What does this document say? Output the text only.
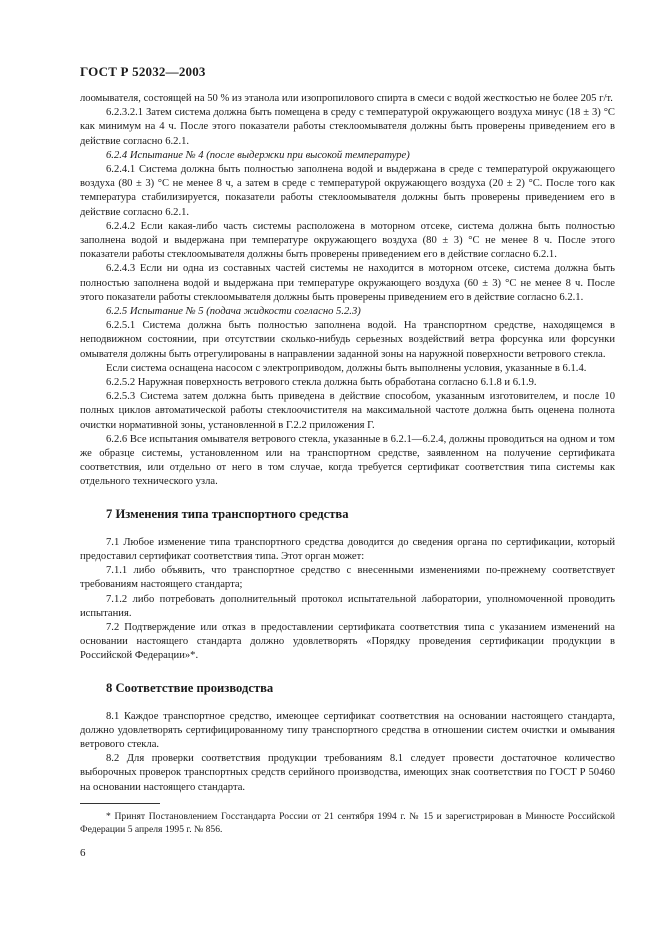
ГОСТ Р 52032—2003

лоомывателя, состоящей на 50 % из этанола или изопропилового спирта в смеси с водой жесткостью не более 205 г/т.

6.2.3.2.1 Затем система должна быть помещена в среду с температурой окружающего воздуха минус (18 ± 3) °С как минимум на 4 ч. После этого показатели работы стеклоомывателя должны быть проверены приведением его в действие согласно 6.2.1.

6.2.4 Испытание № 4 (после выдержки при высокой температуре)

6.2.4.1 Система должна быть полностью заполнена водой и выдержана в среде с температурой окружающего воздуха (80 ± 3) °С не менее 8 ч, а затем в среде с температурой окружающего воздуха (20 ± 2) °С. После того как температура стабилизируется, показатели работы стеклоомывателя должны быть проверены приведением его в действие согласно 6.2.1.

6.2.4.2 Если какая-либо часть системы расположена в моторном отсеке, система должна быть полностью заполнена водой и выдержана при температуре окружающего воздуха (80 ± 3) °С не менее 8 ч. После этого показатели работы стеклоомывателя должны быть проверены приведением его в действие согласно 6.2.1.

6.2.4.3 Если ни одна из составных частей системы не находится в моторном отсеке, система должна быть полностью заполнена водой и выдержана при температуре окружающего воздуха (60 ± 3) °С не менее 8 ч. После этого показатели работы стеклоомывателя должны быть проверены приведением его в действие согласно 6.2.1.

6.2.5 Испытание № 5 (подача жидкости согласно 5.2.3)

6.2.5.1 Система должна быть полностью заполнена водой. На транспортном средстве, находящемся в неподвижном состоянии, при отсутствии сколько-нибудь серьезных воздействий ветра форсунка или форсунки омывателя должны быть отрегулированы в направлении заданной зоны на наружной поверхности ветрового стекла.

Если система оснащена насосом с электроприводом, должны быть выполнены условия, указанные в 6.1.4.

6.2.5.2 Наружная поверхность ветрового стекла должна быть обработана согласно 6.1.8 и 6.1.9.

6.2.5.3 Система затем должна быть приведена в действие способом, указанным изготовителем, и после 10 полных циклов автоматической работы стеклоочистителя на максимальной частоте должна быть оценена полнота очистки нормативной зоны, установленной в Г.2.2 приложения Г.

6.2.6 Все испытания омывателя ветрового стекла, указанные в 6.2.1—6.2.4, должны проводиться на одном и том же образце системы, установленном или на транспортном средстве, заявленном на получение сертификата соответствия, или отдельно от него в том случае, когда требуется сертификат соответствия типа системы как отдельного технического узла.

7 Изменения типа транспортного средства

7.1 Любое изменение типа транспортного средства доводится до сведения органа по сертификации, который предоставил сертификат соответствия типа. Этот орган может:

7.1.1 либо объявить, что транспортное средство с внесенными изменениями по-прежнему соответствует требованиям настоящего стандарта;

7.1.2 либо потребовать дополнительный протокол испытательной лаборатории, уполномоченной проводить испытания.

7.2 Подтверждение или отказ в предоставлении сертификата соответствия типа с указанием изменений на основании настоящего стандарта должно удовлетворять «Порядку проведения сертификации продукции в Российской Федерации»*.

8 Соответствие производства

8.1 Каждое транспортное средство, имеющее сертификат соответствия на основании настоящего стандарта, должно удовлетворять сертифицированному типу транспортного средства в отношении систем очистки и омывания ветрового стекла.

8.2 Для проверки соответствия продукции требованиям 8.1 следует провести достаточное количество выборочных проверок транспортных средств серийного производства, имеющих знак соответствия по ГОСТ Р 50460 на основании настоящего стандарта.

* Принят Постановлением Госстандарта России от 21 сентября 1994 г. № 15 и зарегистрирован в Минюсте Российской Федерации 5 апреля 1995 г. № 856.

6
